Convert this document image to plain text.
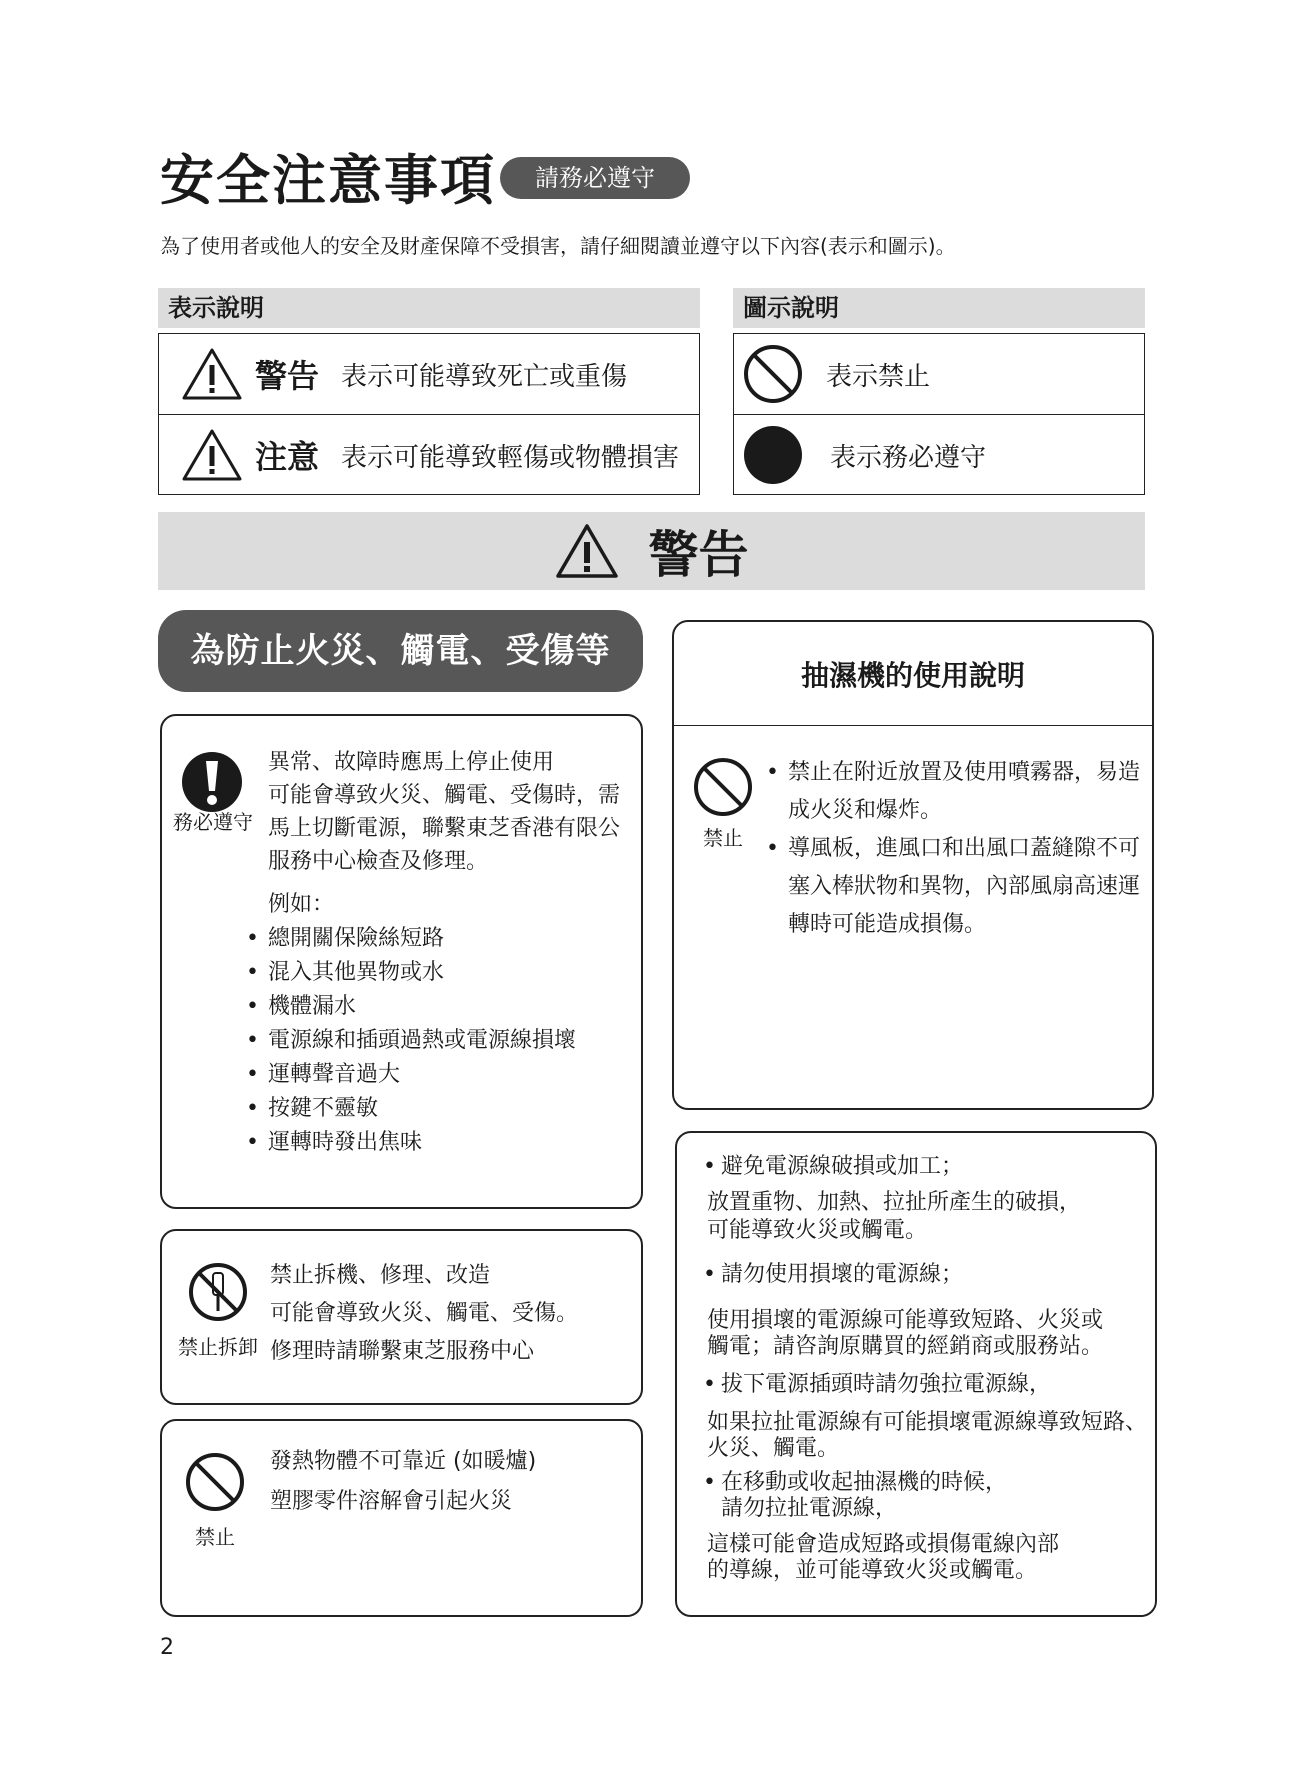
安全注意事項	請務必遵守
為了使用者或他人的安全及財產保障不受損害，請仔細閱讀並遵守以下內容(表示和圖示)。
表示說明
警告 表示可能導致死亡或重傷
注意 表示可能導致輕傷或物體損害
圖示說明
表示禁止
表示務必遵守
警告
為防止火災、觸電、受傷等
務必遵守
異常、故障時應馬上停止使用
可能會導致火災、觸電、受傷時，需
馬上切斷電源，聯繫東芝香港有限公
服務中心檢查及修理。
例如：
• 總開關保險絲短路
• 混入其他異物或水
• 機體漏水
• 電源線和插頭過熱或電源線損壞
• 運轉聲音過大
• 按鍵不靈敏
• 運轉時發出焦味
禁止拆卸
禁止拆機、修理、改造
可能會導致火災、觸電、受傷。
修理時請聯繫東芝服務中心
禁止
發熱物體不可靠近 (如暖爐)
塑膠零件溶解會引起火災
抽濕機的使用說明
禁止
• 禁止在附近放置及使用噴霧器，易造
成火災和爆炸。
• 導風板，進風口和出風口蓋縫隙不可
塞入棒狀物和異物，內部風扇高速運
轉時可能造成損傷。
• 避免電源線破損或加工；
放置重物、加熱、拉扯所產生的破損，
可能導致火災或觸電。
• 請勿使用損壞的電源線；
使用損壞的電源線可能導致短路、火災或
觸電；請咨詢原購買的經銷商或服務站。
• 拔下電源插頭時請勿強拉電源線，
如果拉扯電源線有可能損壞電源線導致短路、
火災、觸電。
• 在移動或收起抽濕機的時候，
請勿拉扯電源線，
這樣可能會造成短路或損傷電線內部
的導線，並可能導致火災或觸電。
2
